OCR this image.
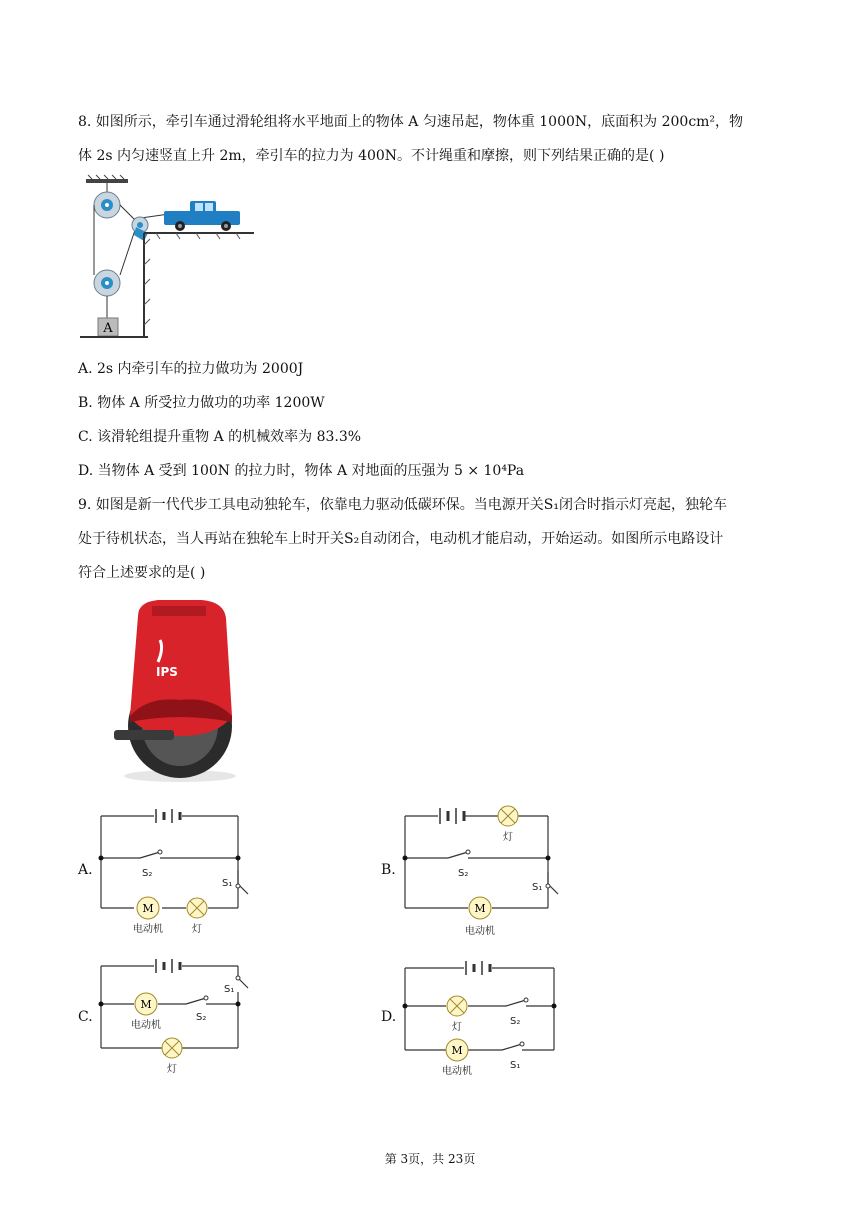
8. 如图所示，牵引车通过滑轮组将水平地面上的物体 A 匀速吊起，物体重 1000N，底面积为 200cm²，物
体 2s 内匀速竖直上升 2m，牵引车的拉力为 400N。不计绳重和摩擦，则下列结果正确的是( )
A
A. 2s 内牵引车的拉力做功为 2000J
B. 物体 A 所受拉力做功的功率 1200W
C. 该滑轮组提升重物 A 的机械效率为 83.3%
D. 当物体 A 受到 100N 的拉力时，物体 A 对地面的压强为 5 × 10⁴Pa
9. 如图是新一代代步工具电动独轮车，依靠电力驱动低碳环保。当电源开关S₁闭合时指示灯亮起，独轮车
处于待机状态，当人再站在独轮车上时开关S₂自动闭合，电动机才能启动，开始运动。如图所示电路设计
符合上述要求的是( )
IPS
A.	S₂
S₁
M
电动机	灯
B.
灯
S₂
S₁
M
电动机
C.
S₁
M
电动机
S₂
灯
D.
灯
S₂
M
电动机
S₁
第 3页，共 23页
